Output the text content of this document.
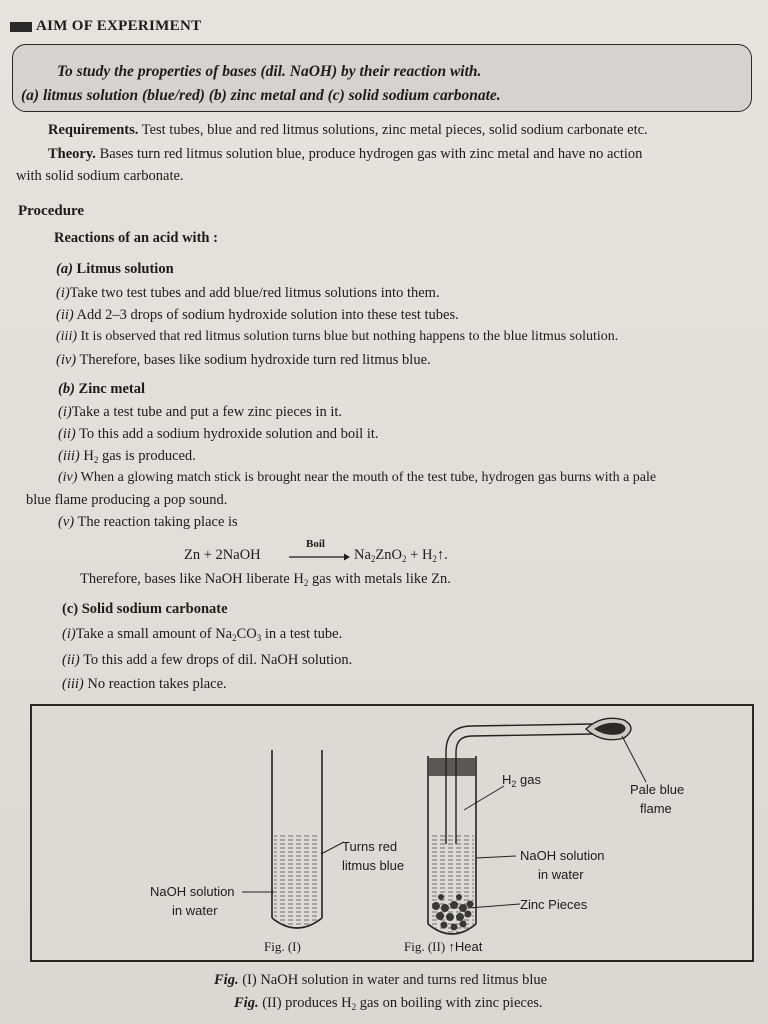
AIM OF EXPERIMENT
To study the properties of bases (dil. NaOH) by their reaction with.
(a) litmus solution (blue/red) (b) zinc metal and (c) solid sodium carbonate.
Requirements. Test tubes, blue and red litmus solutions, zinc metal pieces, solid sodium carbonate etc.
Theory. Bases turn red litmus solution blue, produce hydrogen gas with zinc metal and have no action
with solid sodium carbonate.
Procedure
Reactions of an acid with :
(a) Litmus solution
(i)Take two test tubes and add blue/red litmus solutions into them.
(ii) Add 2–3 drops of sodium hydroxide solution into these test tubes.
(iii) It is observed that red litmus solution turns blue but nothing happens to the blue litmus solution.
(iv) Therefore, bases like sodium hydroxide turn red litmus blue.
(b) Zinc metal
(i)Take a test tube and put a few zinc pieces in it.
(ii) To this add a sodium hydroxide solution and boil it.
(iii) $H_2$ gas is produced.
(iv) When a glowing match stick is brought near the mouth of the test tube, hydrogen gas burns with a pale
blue flame producing a pop sound.
(v) The reaction taking place is
Zn + 2NaOH
Boil
→ $Na_2ZnO_2$ + $H_2↑$.
Therefore, bases like NaOH liberate $H_2$ gas with metals like Zn.
(c) Solid sodium carbonate
(i)Take a small amount of $Na_2CO_3$ in a test tube.
(ii) To this add a few drops of dil. NaOH solution.
(iii) No reaction takes place.
Turns red
litmus blue
NaOH solution
in water
Fig. (I)
$H_2$ gas
Pale blue
flame
NaOH solution
in water
Zinc Pieces
Fig. (II) ↑Heat
Fig. (I) NaOH solution in water and turns red litmus blue
Fig. (II) produces $H_2$ gas on boiling with zinc pieces.
